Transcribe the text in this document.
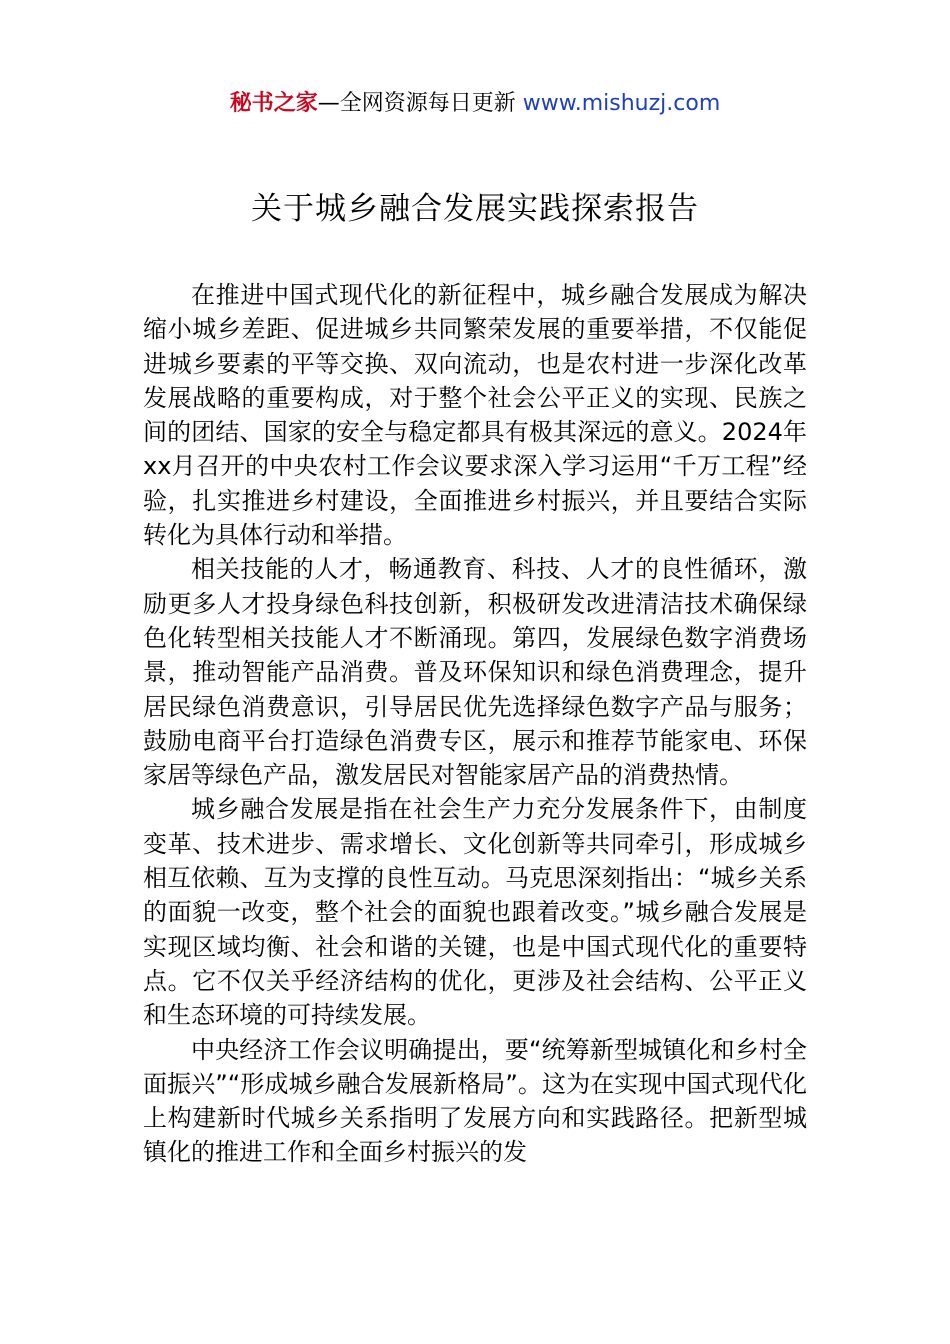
秘书之家—全网资源每日更新 www.mishuzj.com
关于城乡融合发展实践探索报告

在推进中国式现代化的新征程中，城乡融合发展成为解决缩小城乡差距、促进城乡共同繁荣发展的重要举措，不仅能促进城乡要素的平等交换、双向流动，也是农村进一步深化改革发展战略的重要构成，对于整个社会公平正义的实现、民族之间的团结、国家的安全与稳定都具有极其深远的意义。2024年xx月召开的中央农村工作会议要求深入学习运用“千万工程”经验，扎实推进乡村建设，全面推进乡村振兴，并且要结合实际转化为具体行动和举措。

相关技能的人才，畅通教育、科技、人才的良性循环，激励更多人才投身绿色科技创新，积极研发改进清洁技术确保绿色化转型相关技能人才不断涌现。第四，发展绿色数字消费场景，推动智能产品消费。普及环保知识和绿色消费理念，提升居民绿色消费意识，引导居民优先选择绿色数字产品与服务；鼓励电商平台打造绿色消费专区，展示和推荐节能家电、环保家居等绿色产品，激发居民对智能家居产品的消费热情。

城乡融合发展是指在社会生产力充分发展条件下，由制度变革、技术进步、需求增长、文化创新等共同牵引，形成城乡相互依赖、互为支撑的良性互动。马克思深刻指出：“城乡关系的面貌一改变，整个社会的面貌也跟着改变。”城乡融合发展是实现区域均衡、社会和谐的关键，也是中国式现代化的重要特点。它不仅关乎经济结构的优化，更涉及社会结构、公平正义和生态环境的可持续发展。

中央经济工作会议明确提出，要“统筹新型城镇化和乡村全面振兴”“形成城乡融合发展新格局”。这为在实现中国式现代化上构建新时代城乡关系指明了发展方向和实践路径。把新型城镇化的推进工作和全面乡村振兴的发
